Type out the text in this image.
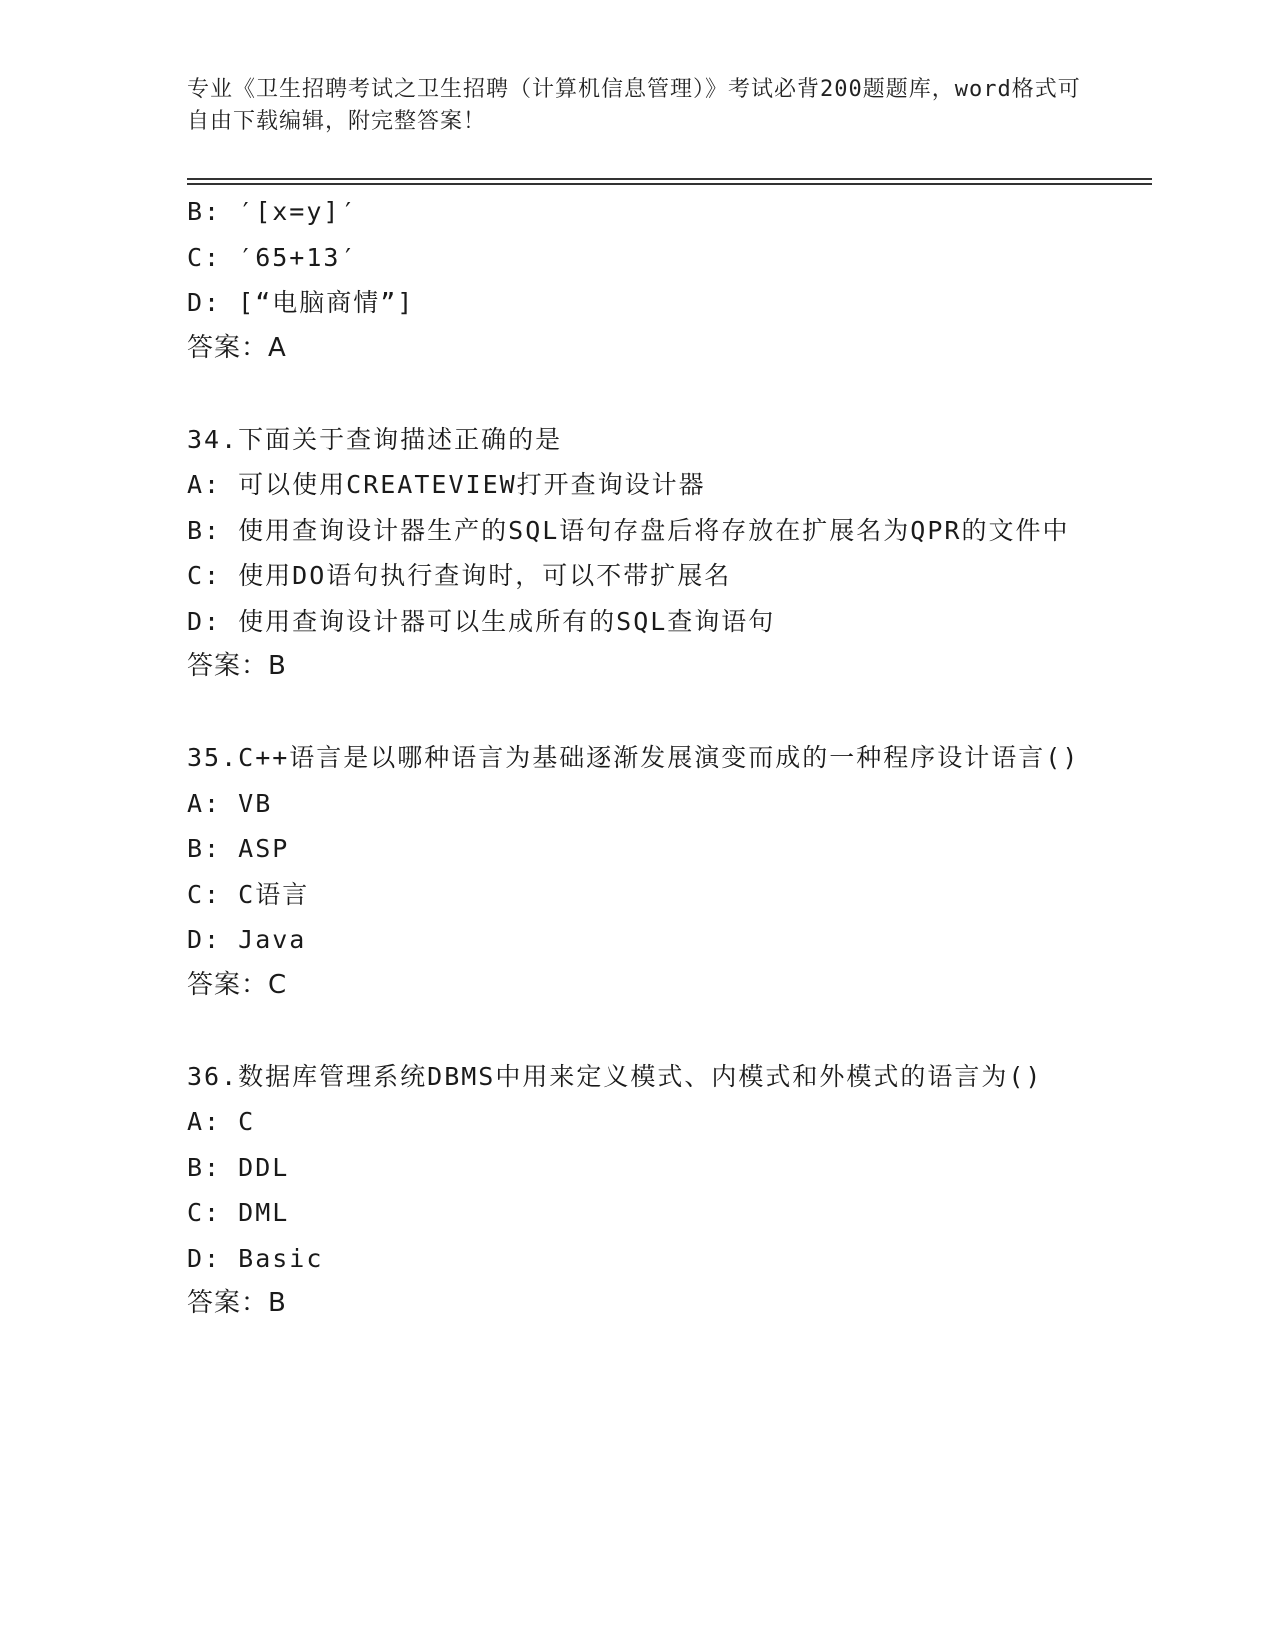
专业《卫生招聘考试之卫生招聘（计算机信息管理）》考试必背200题题库，word格式可自由下载编辑，附完整答案！
B: ′[x=y]′
C: ′65+13′
D: [“电脑商情”]
答案：A
34.下面关于查询描述正确的是
A: 可以使用CREATEVIEW打开查询设计器
B: 使用查询设计器生产的SQL语句存盘后将存放在扩展名为QPR的文件中
C: 使用DO语句执行查询时，可以不带扩展名
D: 使用查询设计器可以生成所有的SQL查询语句
答案：B
35.C++语言是以哪种语言为基础逐渐发展演变而成的一种程序设计语言()
A: VB
B: ASP
C: C语言
D: Java
答案：C
36.数据库管理系统DBMS中用来定义模式、内模式和外模式的语言为()
A: C
B: DDL
C: DML
D: Basic
答案：B
